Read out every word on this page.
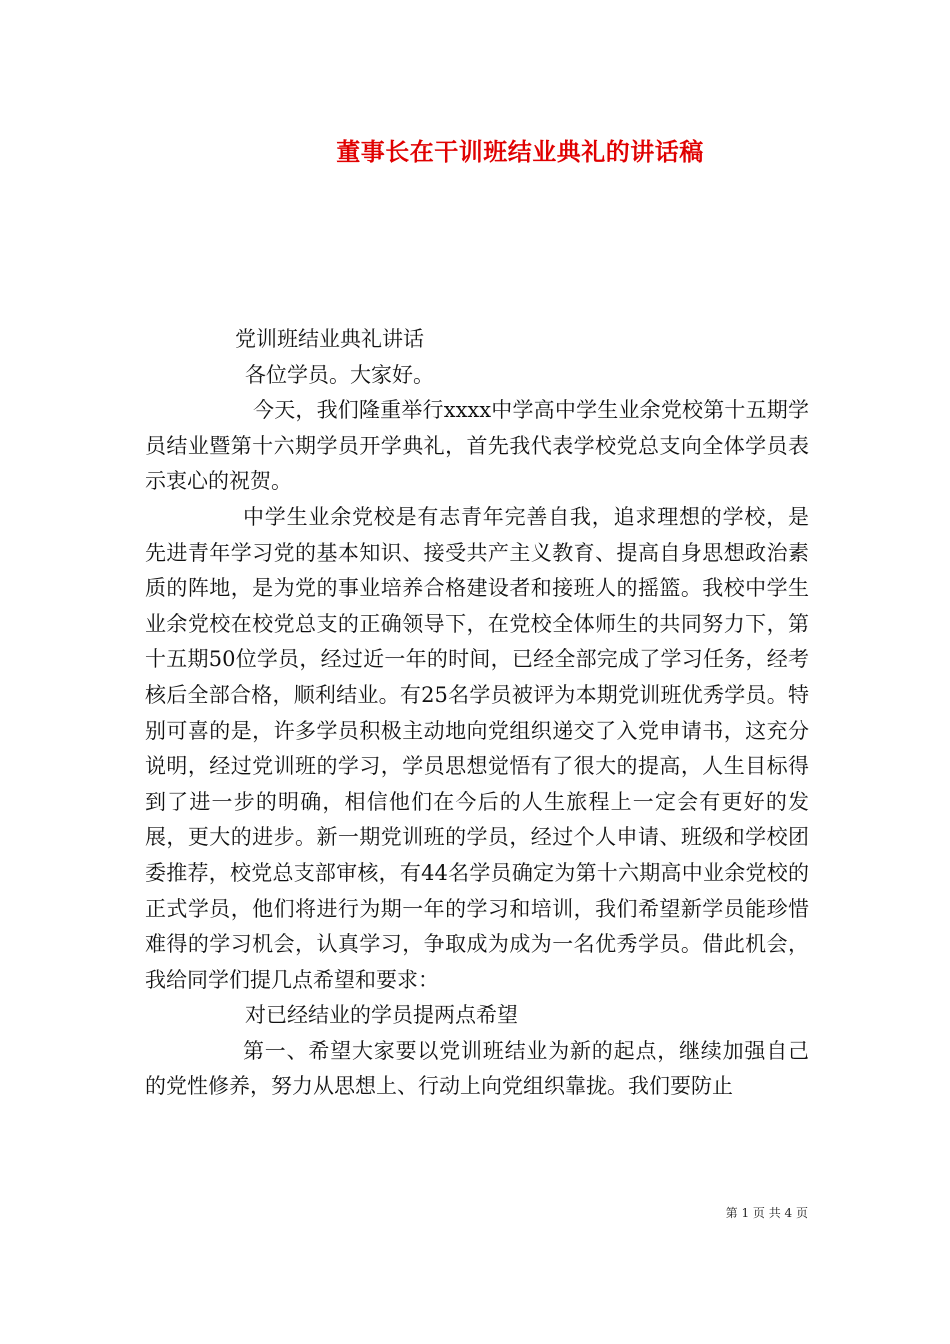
董事长在干训班结业典礼的讲话稿

党训班结业典礼讲话

各位学员。大家好。

今天，我们隆重举行xxxx中学高中学生业余党校第十五期学员结业暨第十六期学员开学典礼，首先我代表学校党总支向全体学员表示衷心的祝贺。

中学生业余党校是有志青年完善自我，追求理想的学校，是先进青年学习党的基本知识、接受共产主义教育、提高自身思想政治素质的阵地，是为党的事业培养合格建设者和接班人的摇篮。我校中学生业余党校在校党总支的正确领导下，在党校全体师生的共同努力下，第十五期50位学员，经过近一年的时间，已经全部完成了学习任务，经考核后全部合格，顺利结业。有25名学员被评为本期党训班优秀学员。特别可喜的是，许多学员积极主动地向党组织递交了入党申请书，这充分说明，经过党训班的学习，学员思想觉悟有了很大的提高，人生目标得到了进一步的明确，相信他们在今后的人生旅程上一定会有更好的发展，更大的进步。新一期党训班的学员，经过个人申请、班级和学校团委推荐，校党总支部审核，有44名学员确定为第十六期高中业余党校的正式学员，他们将进行为期一年的学习和培训，我们希望新学员能珍惜难得的学习机会，认真学习，争取成为成为一名优秀学员。借此机会，我给同学们提几点希望和要求：

对已经结业的学员提两点希望

第一、希望大家要以党训班结业为新的起点，继续加强自己的党性修养，努力从思想上、行动上向党组织靠拢。我们要防止

第 1 页 共 4 页
